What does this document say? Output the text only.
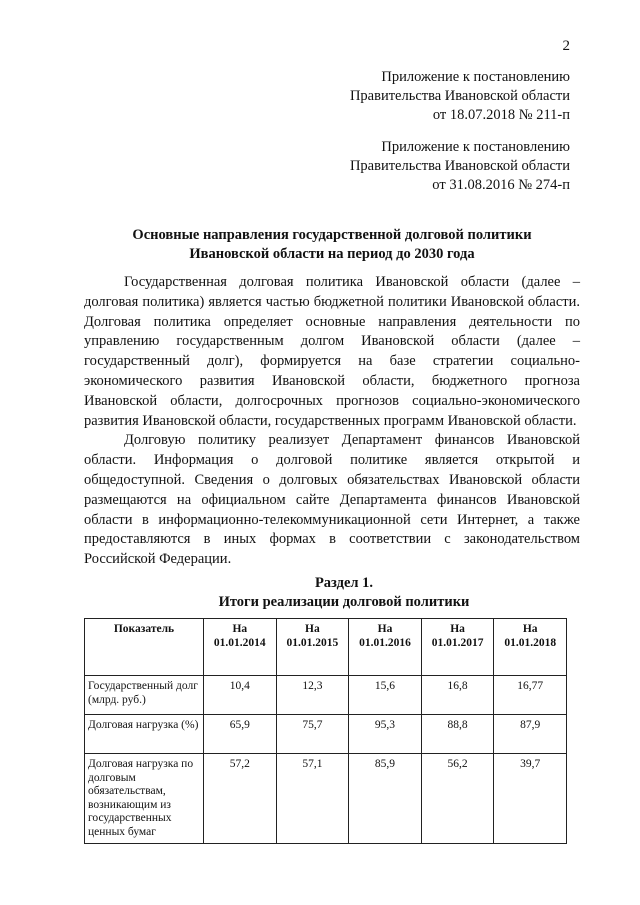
2
Приложение к постановлению
Правительства Ивановской области
от 18.07.2018 № 211-п
Приложение к постановлению
Правительства Ивановской области
от 31.08.2016 № 274-п
Основные направления государственной долговой политики
Ивановской области на период до 2030 года

Государственная долговая политика Ивановской области (далее – долговая политика) является частью бюджетной политики Ивановской области. Долговая политика определяет основные направления деятельности по управлению государственным долгом Ивановской области (далее – государственный долг), формируется на базе стратегии социально-экономического развития Ивановской области, бюджетного прогноза Ивановской области, долгосрочных прогнозов социально-экономического развития Ивановской области, государственных программ Ивановской области.

Долговую политику реализует Департамент финансов Ивановской области. Информация о долговой политике является открытой и общедоступной. Сведения о долговых обязательствах Ивановской области размещаются на официальном сайте Департамента финансов Ивановской области в информационно-телекоммуникационной сети Интернет, а также предоставляются в иных формах в соответствии с законодательством Российской Федерации.

Раздел 1.
Итоги реализации долговой политики
Показатель	На 01.01.2014	На 01.01.2015	На 01.01.2016	На 01.01.2017	На 01.01.2018
Государственный долг (млрд. руб.)	10,4	12,3	15,6	16,8	16,77
Долговая нагрузка (%)	65,9	75,7	95,3	88,8	87,9
Долговая нагрузка по долговым обязательствам, возникающим из государственных ценных бумаг	57,2	57,1	85,9	56,2	39,7
